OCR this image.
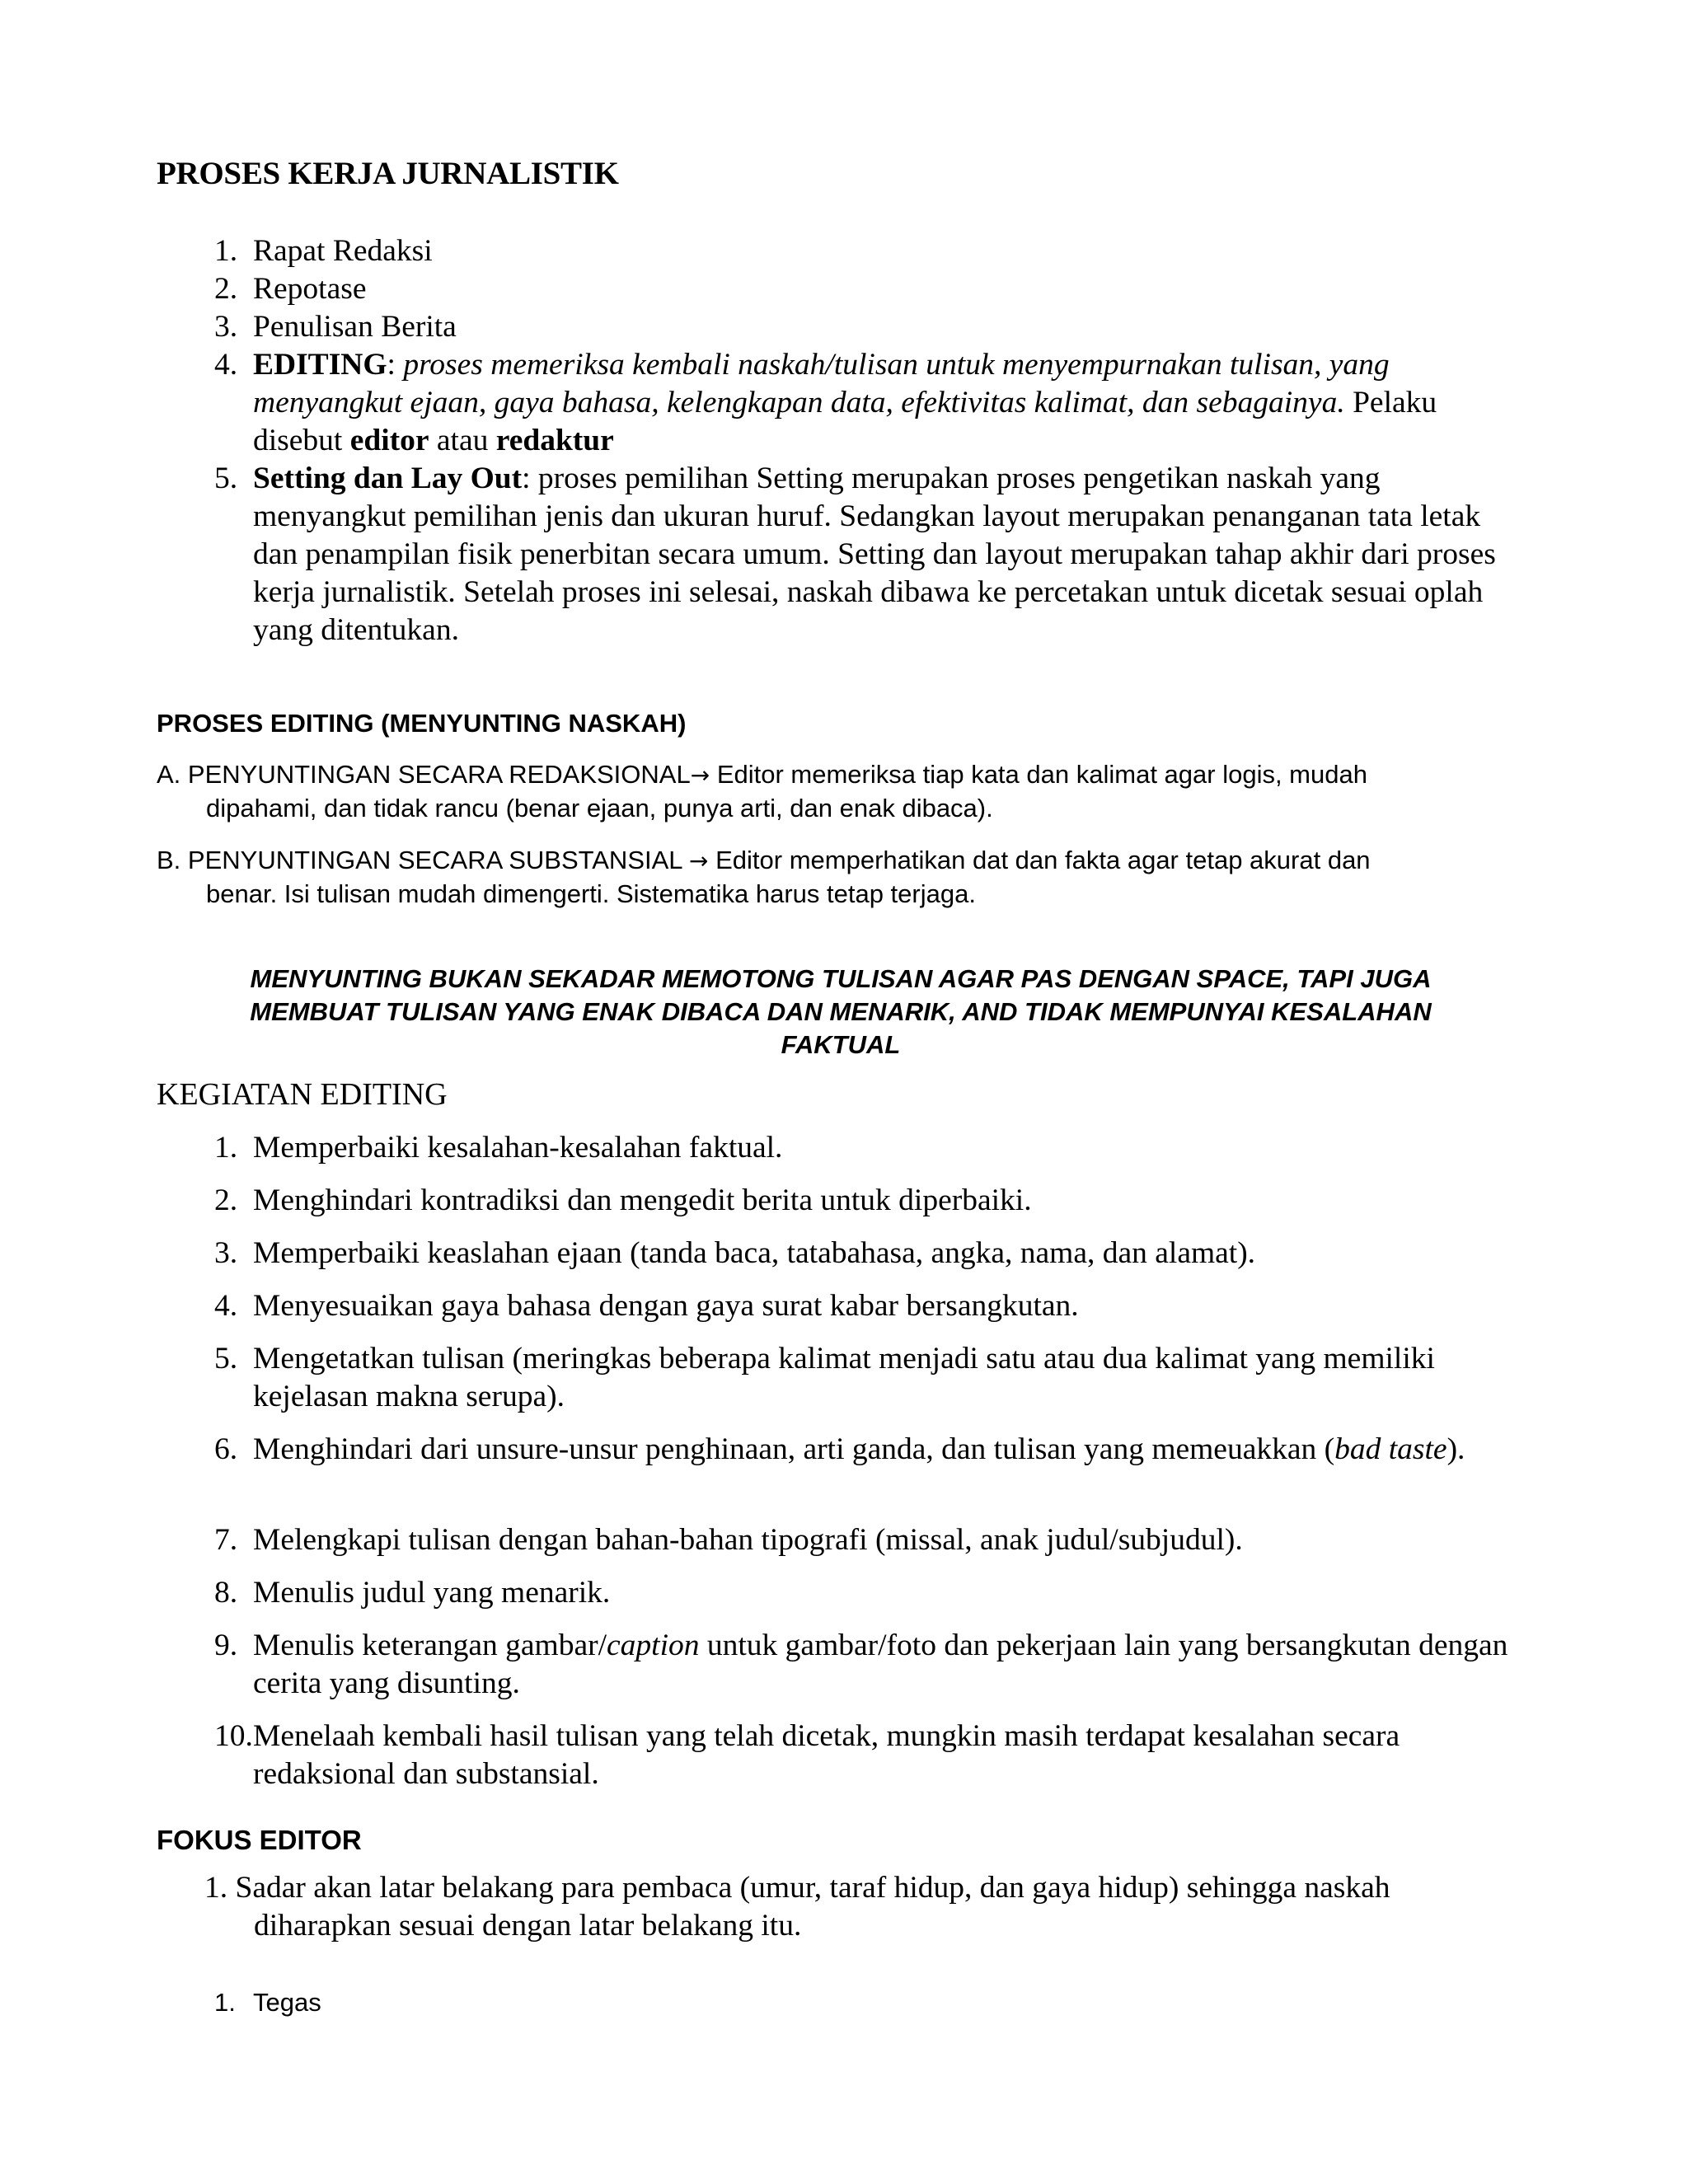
PROSES KERJA JURNALISTIK
1. Rapat Redaksi
2. Repotase
3. Penulisan Berita
4. EDITING: proses memeriksa kembali naskah/tulisan untuk menyempurnakan tulisan, yang menyangkut ejaan, gaya bahasa, kelengkapan data, efektivitas kalimat, dan sebagainya. Pelaku disebut editor atau redaktur
5. Setting dan Lay Out: proses pemilihan Setting merupakan proses pengetikan naskah yang menyangkut pemilihan jenis dan ukuran huruf. Sedangkan layout merupakan penanganan tata letak dan penampilan fisik penerbitan secara umum. Setting dan layout merupakan tahap akhir dari proses kerja jurnalistik. Setelah proses ini selesai, naskah dibawa ke percetakan untuk dicetak sesuai oplah yang ditentukan.
PROSES EDITING (MENYUNTING NASKAH)
A. PENYUNTINGAN SECARA REDAKSIONAL→ Editor memeriksa tiap kata dan kalimat agar logis, mudah
dipahami, dan tidak rancu (benar ejaan, punya arti, dan enak dibaca).
B. PENYUNTINGAN SECARA SUBSTANSIAL → Editor memperhatikan dat dan fakta agar tetap akurat dan
benar. Isi tulisan mudah dimengerti. Sistematika harus tetap terjaga.
MENYUNTING BUKAN SEKADAR MEMOTONG TULISAN AGAR PAS DENGAN SPACE, TAPI JUGA
MEMBUAT TULISAN YANG ENAK DIBACA DAN MENARIK, AND TIDAK MEMPUNYAI KESALAHAN
FAKTUAL
KEGIATAN EDITING
1. Memperbaiki kesalahan-kesalahan faktual.
2. Menghindari kontradiksi dan mengedit berita untuk diperbaiki.
3. Memperbaiki keaslahan ejaan (tanda baca, tatabahasa, angka, nama, dan alamat).
4. Menyesuaikan gaya bahasa dengan gaya surat kabar bersangkutan.
5. Mengetatkan tulisan (meringkas beberapa kalimat menjadi satu atau dua kalimat yang memiliki kejelasan makna serupa).
6. Menghindari dari unsure-unsur penghinaan, arti ganda, dan tulisan yang memeuakkan (bad taste).
7. Melengkapi tulisan dengan bahan-bahan tipografi (missal, anak judul/subjudul).
8. Menulis judul yang menarik.
9. Menulis keterangan gambar/caption untuk gambar/foto dan pekerjaan lain yang bersangkutan dengan cerita yang disunting.
10. Menelaah kembali hasil tulisan yang telah dicetak, mungkin masih terdapat kesalahan secara redaksional dan substansial.
FOKUS EDITOR
1. Sadar akan latar belakang para pembaca (umur, taraf hidup, dan gaya hidup) sehingga naskah
diharapkan sesuai dengan latar belakang itu.
1. Tegas
